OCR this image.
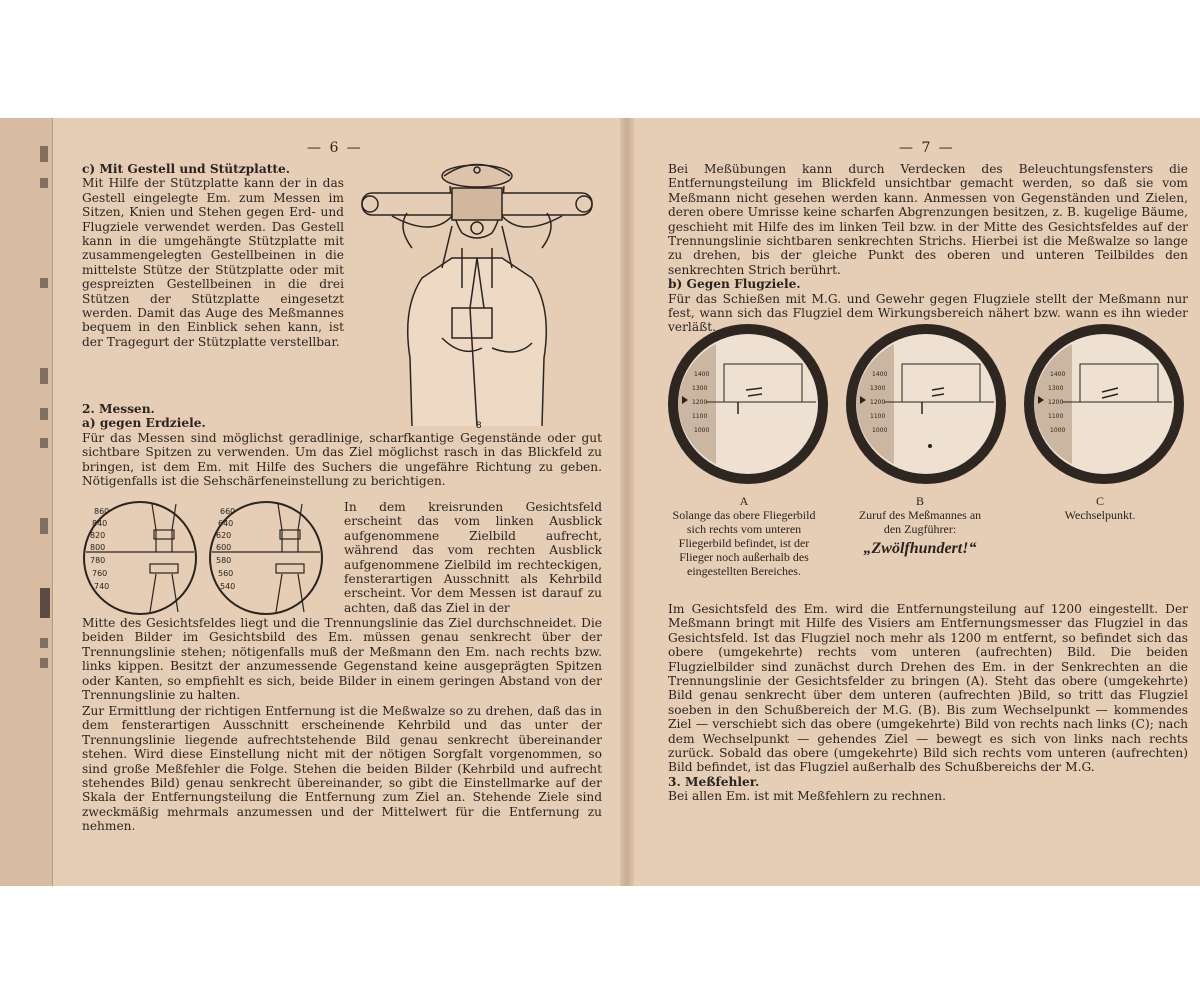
— 6 —

c) Mit Gestell und Stützplatte.

Mit Hilfe der Stützplatte kann der in das Gestell eingelegte Em. zum Messen im Sitzen, Knien und Stehen gegen Erd- und Flugziele verwendet werden. Das Gestell kann in die umgehängte Stützplatte mit zusammengelegten Gestellbeinen in die mittelste Stütze der Stützplatte oder mit gespreizten Gestellbeinen in die drei Stützen der Stützplatte eingesetzt werden. Damit das Auge des Meßmannes bequem in den Einblick sehen kann, ist der Tragegurt der Stützplatte verstellbar.

8

2. Messen.

a) gegen Erdziele.

Für das Messen sind möglichst geradlinige, scharfkantige Gegenstände oder gut sichtbare Spitzen zu verwenden. Um das Ziel möglichst rasch in das Blickfeld zu bringen, ist dem Em. mit Hilfe des Suchers die ungefähre Richtung zu geben. Nötigenfalls ist die Sehschärfeneinstellung zu berichtigen.

860
840
820
800
780
760
740
660
640
620
600
580
560
540
In dem kreisrunden Gesichtsfeld erscheint das vom linken Ausblick aufgenommene Zielbild aufrecht, während das vom rechten Ausblick aufgenommene Zielbild im rechteckigen, fensterartigen Ausschnitt als Kehrbild erscheint. Vor dem Messen ist darauf zu achten, daß das Ziel in der
Mitte des Gesichtsfeldes liegt und die Trennungslinie das Ziel durchschneidet. Die beiden Bilder im Gesichtsbild des Em. müssen genau senkrecht über der Trennungslinie stehen; nötigenfalls muß der Meßmann den Em. nach rechts bzw. links kippen. Besitzt der anzumessende Gegenstand keine ausgeprägten Spitzen oder Kanten, so empfiehlt es sich, beide Bilder in einem geringen Abstand von der Trennungslinie zu halten.
Zur Ermittlung der richtigen Entfernung ist die Meßwalze so zu drehen, daß das in dem fensterartigen Ausschnitt erscheinende Kehrbild und das unter der Trennungslinie liegende aufrechtstehende Bild genau senkrecht übereinander stehen. Wird diese Einstellung nicht mit der nötigen Sorgfalt vorgenommen, so sind große Meßfehler die Folge. Stehen die beiden Bilder (Kehrbild und aufrecht stehendes Bild) genau senkrecht übereinander, so gibt die Einstellmarke auf der Skala der Entfernungsteilung die Entfernung zum Ziel an. Stehende Ziele sind zweckmäßig mehrmals anzumessen und der Mittelwert für die Entfernung zu nehmen.
— 7 —

Bei Meßübungen kann durch Verdecken des Beleuchtungsfensters die Entfernungsteilung im Blickfeld unsichtbar gemacht werden, so daß sie vom Meßmann nicht gesehen werden kann. Anmessen von Gegenständen und Zielen, deren obere Umrisse keine scharfen Abgrenzungen besitzen, z. B. kugelige Bäume, geschieht mit Hilfe des im linken Teil bzw. in der Mitte des Gesichtsfeldes auf der Trennungslinie sichtbaren senkrechten Strichs. Hierbei ist die Meßwalze so lange zu drehen, bis der gleiche Punkt des oberen und unteren Teilbildes den senkrechten Strich berührt.

b) Gegen Flugziele.

Für das Schießen mit M.G. und Gewehr gegen Flugziele stellt der Meßmann nur fest, wann sich das Flugziel dem Wirkungsbereich nähert bzw. wann es ihn wieder verläßt.

1400
1300
1200
1100
1000
1400
1300
1200
1100
1000
1400
1300
1200
1100
1000
A
Solange das obere Fliegerbild sich rechts vom unteren Fliegerbild befindet, ist der Flieger noch außerhalb des eingestellten Bereiches.
B
Zuruf des Meßmannes an den Zugführer:
„Zwölfhundert!“
C
Wechselpunkt.

Im Gesichtsfeld des Em. wird die Entfernungsteilung auf 1200 eingestellt. Der Meßmann bringt mit Hilfe des Visiers am Entfernungsmesser das Flugziel in das Gesichtsfeld. Ist das Flugziel noch mehr als 1200 m entfernt, so befindet sich das obere (umgekehrte) rechts vom unteren (aufrechten) Bild. Die beiden Flugzielbilder sind zunächst durch Drehen des Em. in der Senkrechten an die Trennungslinie der Gesichtsfelder zu bringen (A). Steht das obere (umgekehrte) Bild genau senkrecht über dem unteren (aufrechten )Bild, so tritt das Flugziel soeben in den Schußbereich der M.G. (B). Bis zum Wechselpunkt — kommendes Ziel — verschiebt sich das obere (umgekehrte) Bild von rechts nach links (C); nach dem Wechselpunkt — gehendes Ziel — bewegt es sich von links nach rechts zurück. Sobald das obere (umgekehrte) Bild sich rechts vom unteren (aufrechten) Bild befindet, ist das Flugziel außerhalb des Schußbereichs der M.G.

3. Meßfehler.

Bei allen Em. ist mit Meßfehlern zu rechnen.
